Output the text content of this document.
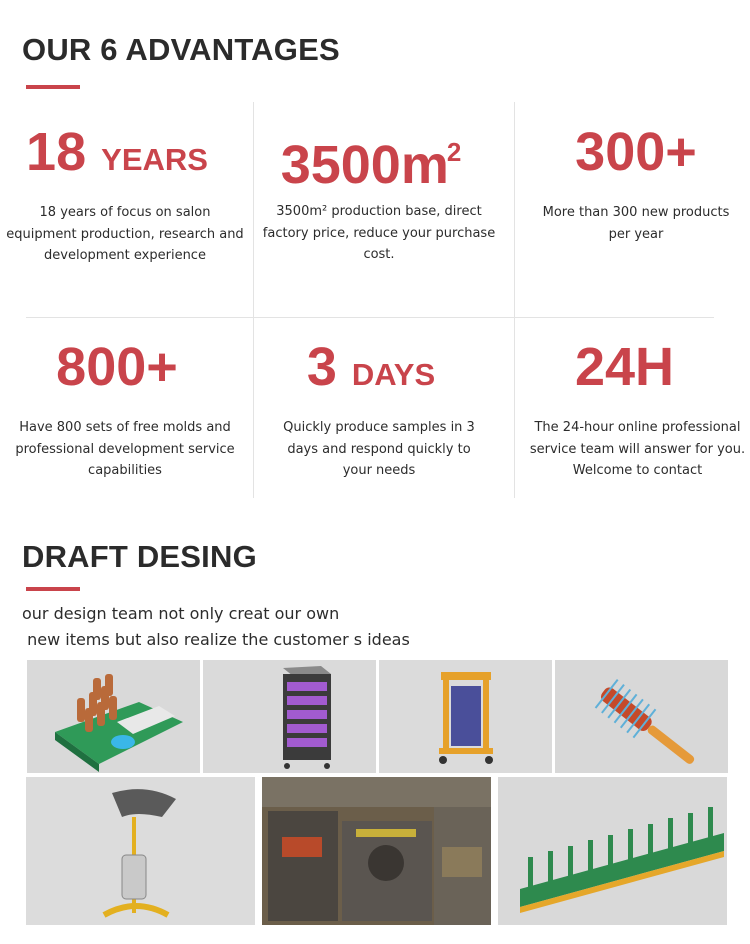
OUR 6 ADVANTAGES
18 YEARS
18 years of focus on salon equipment production, research and development experience
$3500m^2$
3500m² production base, direct factory price, reduce your purchase cost.
300+
More than 300 new products per year
800+
Have 800 sets of free molds and professional development service capabilities
3 DAYS
Quickly produce samples in 3 days and respond quickly to your needs
24H
The 24-hour online professional service team will answer for you. Welcome to contact
DRAFT DESING
our design team not only creat our own
new items but also realize the customer s ideas
